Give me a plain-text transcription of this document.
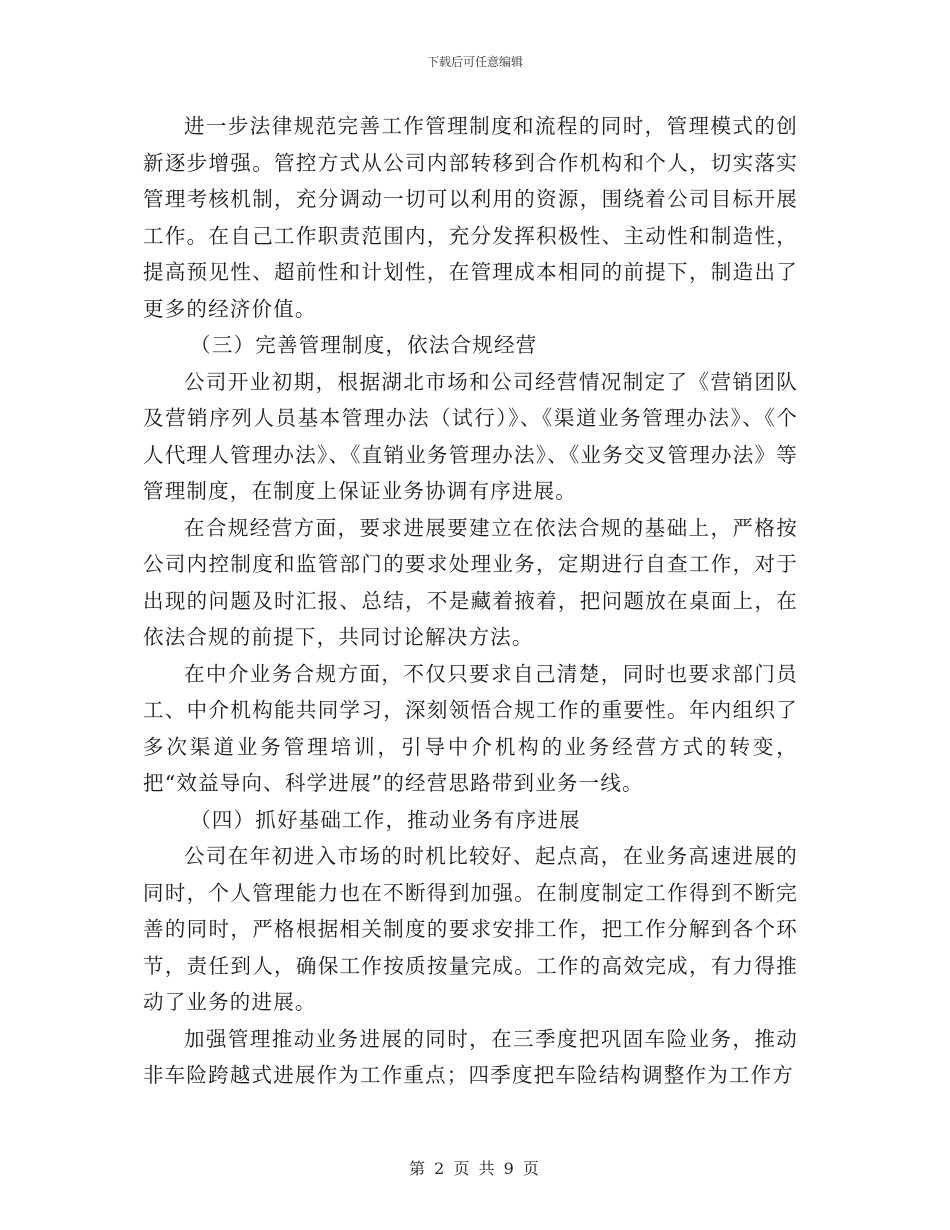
下载后可任意编辑

进一步法律规范完善工作管理制度和流程的同时，管理模式的创新逐步增强。管控方式从公司内部转移到合作机构和个人，切实落实管理考核机制，充分调动一切可以利用的资源，围绕着公司目标开展工作。在自己工作职责范围内，充分发挥积极性、主动性和制造性，提高预见性、超前性和计划性，在管理成本相同的前提下，制造出了更多的经济价值。

（三）完善管理制度，依法合规经营

公司开业初期，根据湖北市场和公司经营情况制定了《营销团队及营销序列人员基本管理办法（试行）》、《渠道业务管理办法》、《个人代理人管理办法》、《直销业务管理办法》、《业务交叉管理办法》等管理制度，在制度上保证业务协调有序进展。

在合规经营方面，要求进展要建立在依法合规的基础上，严格按公司内控制度和监管部门的要求处理业务，定期进行自查工作，对于出现的问题及时汇报、总结，不是藏着掖着，把问题放在桌面上，在依法合规的前提下，共同讨论解决方法。

在中介业务合规方面，不仅只要求自己清楚，同时也要求部门员工、中介机构能共同学习，深刻领悟合规工作的重要性。年内组织了多次渠道业务管理培训，引导中介机构的业务经营方式的转变，把“效益导向、科学进展”的经营思路带到业务一线。

（四）抓好基础工作，推动业务有序进展

公司在年初进入市场的时机比较好、起点高，在业务高速进展的同时，个人管理能力也在不断得到加强。在制度制定工作得到不断完善的同时，严格根据相关制度的要求安排工作，把工作分解到各个环节，责任到人，确保工作按质按量完成。工作的高效完成，有力得推动了业务的进展。

加强管理推动业务进展的同时，在三季度把巩固车险业务，推动非车险跨越式进展作为工作重点；四季度把车险结构调整作为工作方

第 2 页 共 9 页
